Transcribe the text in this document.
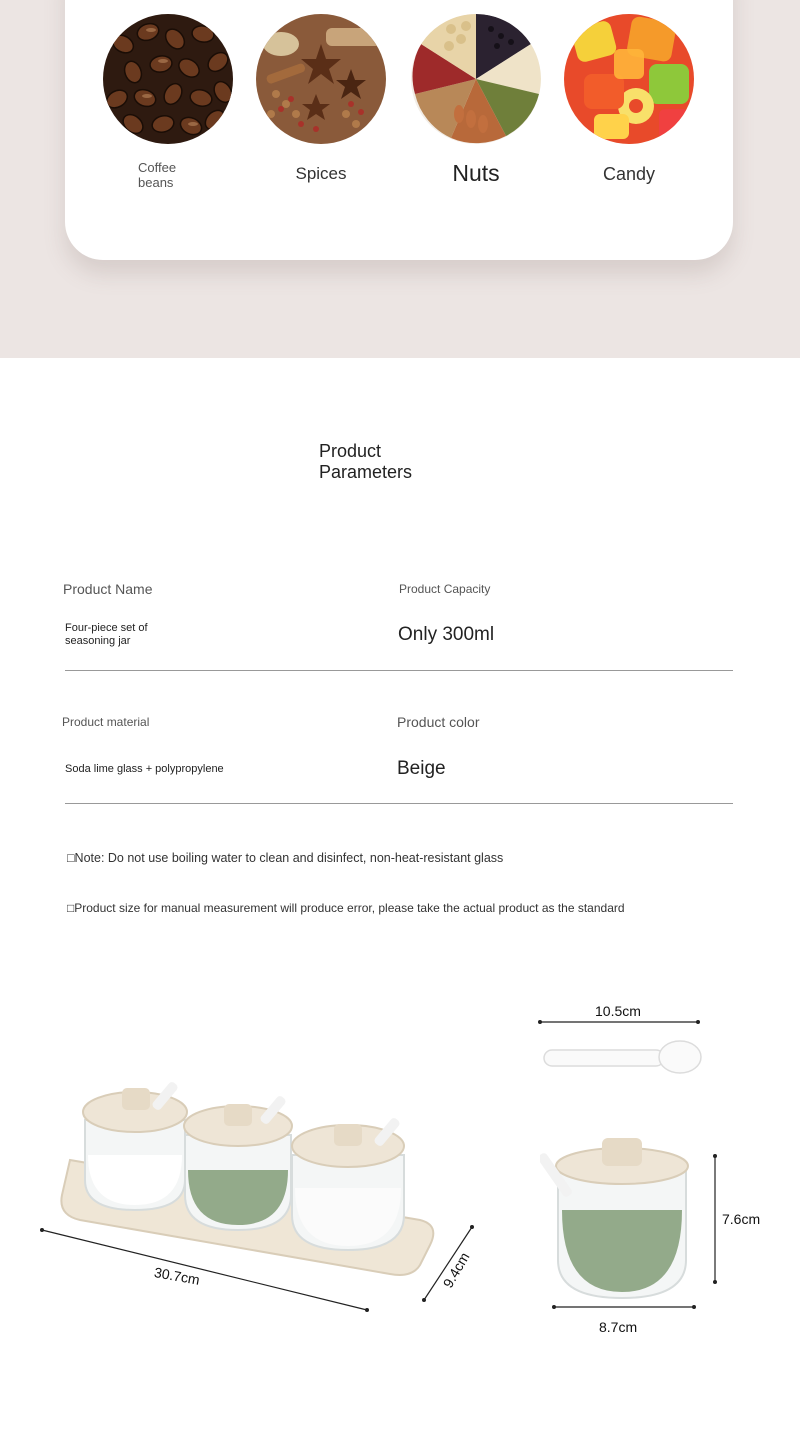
Coffee
beans	Spices	Nuts	Candy
Product
Parameters
Product Name	Product Capacity
Four-piece set of
seasoning jar	Only 300ml
Product material	Product color
Soda lime glass + polypropylene	Beige
□Note: Do not use boiling water to clean and disinfect, non-heat-resistant glass
□Product size for manual measurement will produce error, please take the actual product as the standard
30.7cm	9.4cm
10.5cm
7.6cm
8.7cm
